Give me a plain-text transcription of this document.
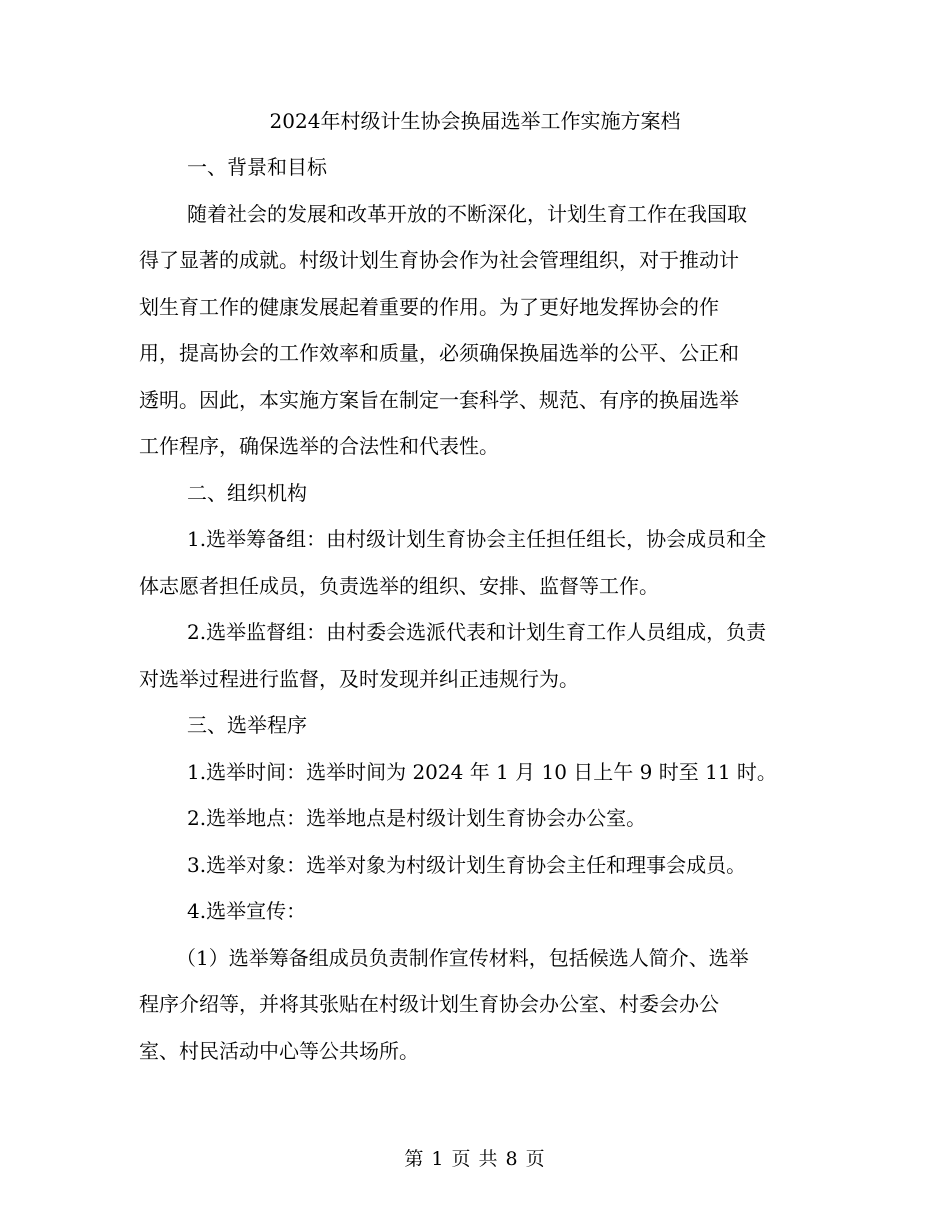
2024年村级计生协会换届选举工作实施方案档
一、背景和目标
随着社会的发展和改革开放的不断深化，计划生育工作在我国取
得了显著的成就。村级计划生育协会作为社会管理组织，对于推动计
划生育工作的健康发展起着重要的作用。为了更好地发挥协会的作
用，提高协会的工作效率和质量，必须确保换届选举的公平、公正和
透明。因此，本实施方案旨在制定一套科学、规范、有序的换届选举
工作程序，确保选举的合法性和代表性。
二、组织机构
1.选举筹备组：由村级计划生育协会主任担任组长，协会成员和全
体志愿者担任成员，负责选举的组织、安排、监督等工作。
2.选举监督组：由村委会选派代表和计划生育工作人员组成，负责
对选举过程进行监督，及时发现并纠正违规行为。
三、选举程序
1.选举时间：选举时间为 2024 年 1 月 10 日上午 9 时至 11 时。
2.选举地点：选举地点是村级计划生育协会办公室。
3.选举对象：选举对象为村级计划生育协会主任和理事会成员。
4.选举宣传：
（1）选举筹备组成员负责制作宣传材料，包括候选人简介、选举
程序介绍等，并将其张贴在村级计划生育协会办公室、村委会办公
室、村民活动中心等公共场所。
第 1 页 共 8 页
